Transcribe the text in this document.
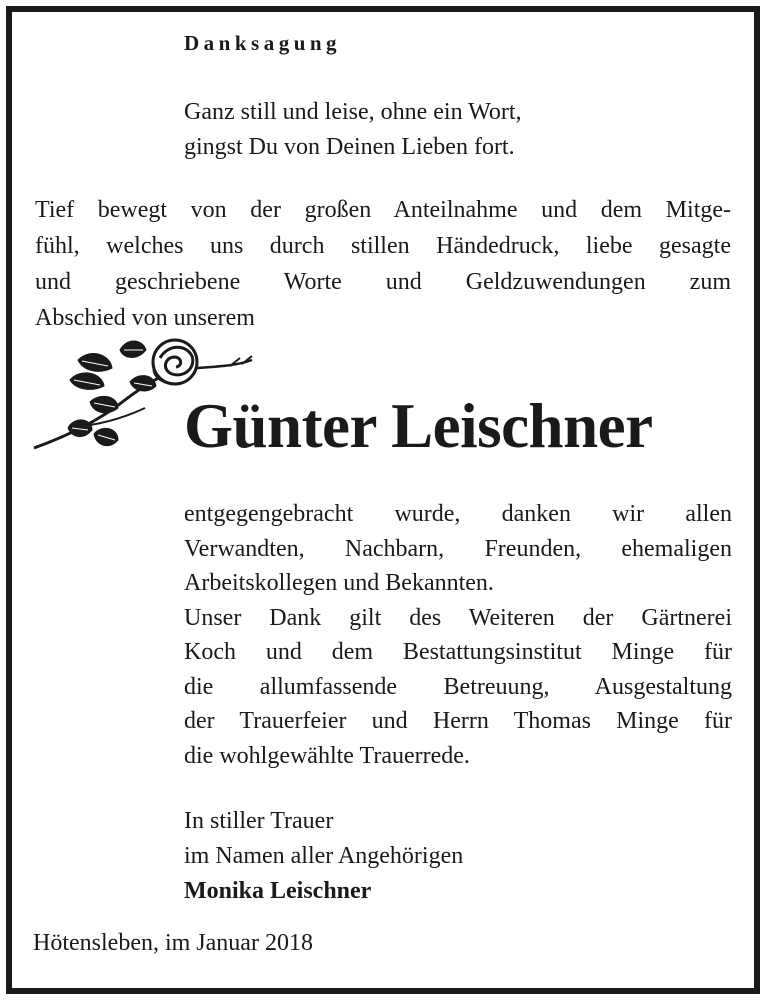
Danksagung
Ganz still und leise, ohne ein Wort,
gingst Du von Deinen Lieben fort.
Tief bewegt von der großen Anteilnahme und dem Mitge-
fühl, welches uns durch stillen Händedruck, liebe gesagte
und geschriebene Worte und Geldzuwendungen zum
Abschied von unserem
Günter Leischner
entgegengebracht wurde, danken wir allen
Verwandten, Nachbarn, Freunden, ehemaligen
Arbeitskollegen und Bekannten.
Unser Dank gilt des Weiteren der Gärtnerei
Koch und dem Bestattungsinstitut Minge für
die allumfassende Betreuung, Ausgestaltung
der Trauerfeier und Herrn Thomas Minge für
die wohlgewählte Trauerrede.
In stiller Trauer
im Namen aller Angehörigen
Monika Leischner
Hötensleben, im Januar 2018
